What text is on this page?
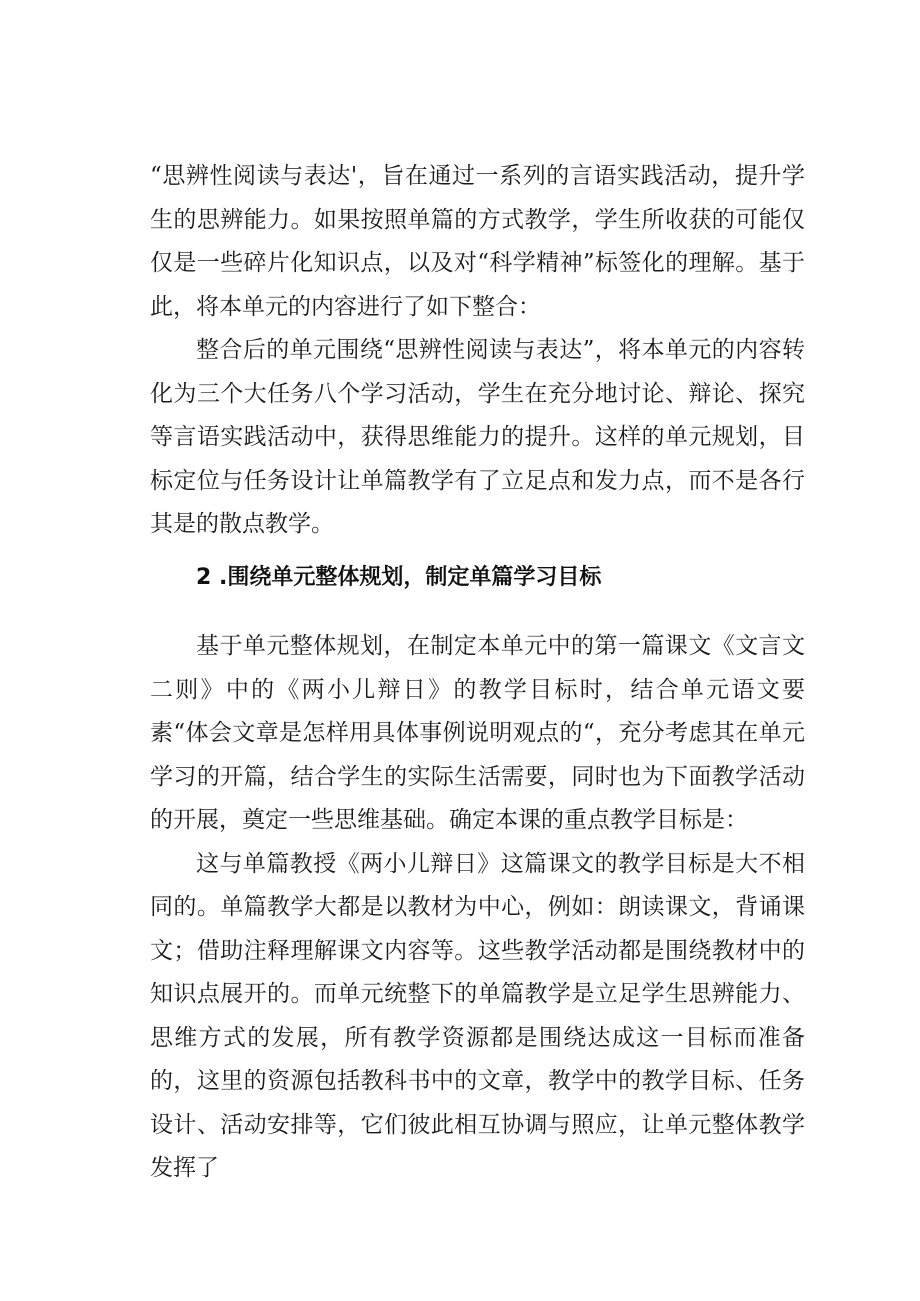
“思辨性阅读与表达'，旨在通过一系列的言语实践活动，提升学生的思辨能力。如果按照单篇的方式教学，学生所收获的可能仅仅是一些碎片化知识点，以及对“科学精神”标签化的理解。基于此，将本单元的内容进行了如下整合：

整合后的单元围绕“思辨性阅读与表达”，将本单元的内容转化为三个大任务八个学习活动，学生在充分地讨论、辩论、探究等言语实践活动中，获得思维能力的提升。这样的单元规划，目标定位与任务设计让单篇教学有了立足点和发力点，而不是各行其是的散点教学。

2 .围绕单元整体规划，制定单篇学习目标

基于单元整体规划，在制定本单元中的第一篇课文《文言文二则》中的《两小儿辩日》的教学目标时，结合单元语文要素“体会文章是怎样用具体事例说明观点的“，充分考虑其在单元学习的开篇，结合学生的实际生活需要，同时也为下面教学活动的开展，奠定一些思维基础。确定本课的重点教学目标是：

这与单篇教授《两小儿辩日》这篇课文的教学目标是大不相同的。单篇教学大都是以教材为中心，例如：朗读课文，背诵课文；借助注释理解课文内容等。这些教学活动都是围绕教材中的知识点展开的。而单元统整下的单篇教学是立足学生思辨能力、思维方式的发展，所有教学资源都是围绕达成这一目标而准备的，这里的资源包括教科书中的文章，教学中的教学目标、任务设计、活动安排等，它们彼此相互协调与照应，让单元整体教学发挥了
